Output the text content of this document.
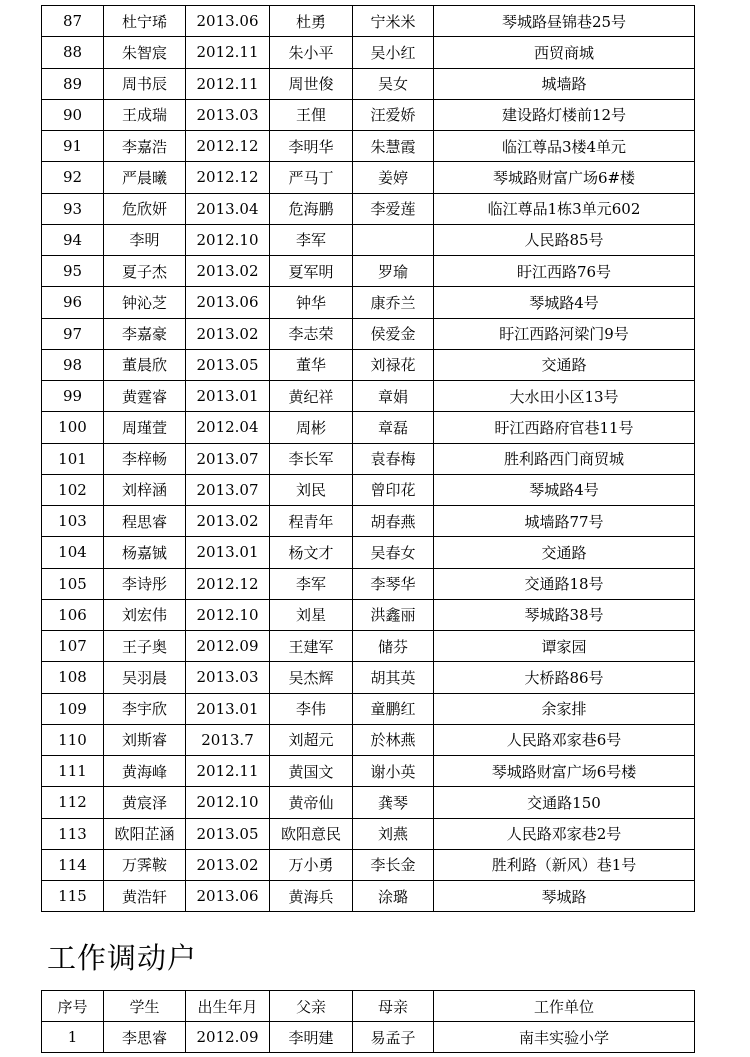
87	杜宁琋	2013.06	杜勇	宁米米	琴城路昼锦巷25号
88	朱智宸	2012.11	朱小平	吴小红	西贸商城
89	周书辰	2012.11	周世俊	吴女	城墙路
90	王成瑞	2013.03	王俚	汪爱娇	建设路灯楼前12号
91	李嘉浩	2012.12	李明华	朱慧霞	临江尊品3楼4单元
92	严晨曦	2012.12	严马丁	姜婷	琴城路财富广场6#楼
93	危欣妍	2013.04	危海鹏	李爱莲	临江尊品1栋3单元602
94	李明	2012.10	李军		人民路85号
95	夏子杰	2013.02	夏军明	罗瑜	盱江西路76号
96	钟沁芝	2013.06	钟华	康乔兰	琴城路4号
97	李嘉豪	2013.02	李志荣	侯爱金	盱江西路河梁门9号
98	董晨欣	2013.05	董华	刘禄花	交通路
99	黄霆睿	2013.01	黄纪祥	章娟	大水田小区13号
100	周瑾萱	2012.04	周彬	章磊	盱江西路府官巷11号
101	李梓畅	2013.07	李长军	袁春梅	胜利路西门商贸城
102	刘梓涵	2013.07	刘民	曾印花	琴城路4号
103	程思睿	2013.02	程青年	胡春燕	城墙路77号
104	杨嘉铖	2013.01	杨文才	吴春女	交通路
105	李诗彤	2012.12	李军	李琴华	交通路18号
106	刘宏伟	2012.10	刘星	洪鑫丽	琴城路38号
107	王子奥	2012.09	王建军	储芬	谭家园
108	吴羽晨	2013.03	吴杰辉	胡其英	大桥路86号
109	李宇欣	2013.01	李伟	童鹏红	余家排
110	刘斯睿	2013.7	刘超元	於林燕	人民路邓家巷6号
111	黄海峰	2012.11	黄国文	谢小英	琴城路财富广场6号楼
112	黄宸泽	2012.10	黄帝仙	龚琴	交通路150
113	欧阳芷涵	2013.05	欧阳意民	刘燕	人民路邓家巷2号
114	万霁鞍	2013.02	万小勇	李长金	胜利路（新风）巷1号
115	黄浩轩	2013.06	黄海兵	涂璐	琴城路
工作调动户
序号	学生	出生年月	父亲	母亲	工作单位
1	李思睿	2012.09	李明建	易孟子	南丰实验小学
